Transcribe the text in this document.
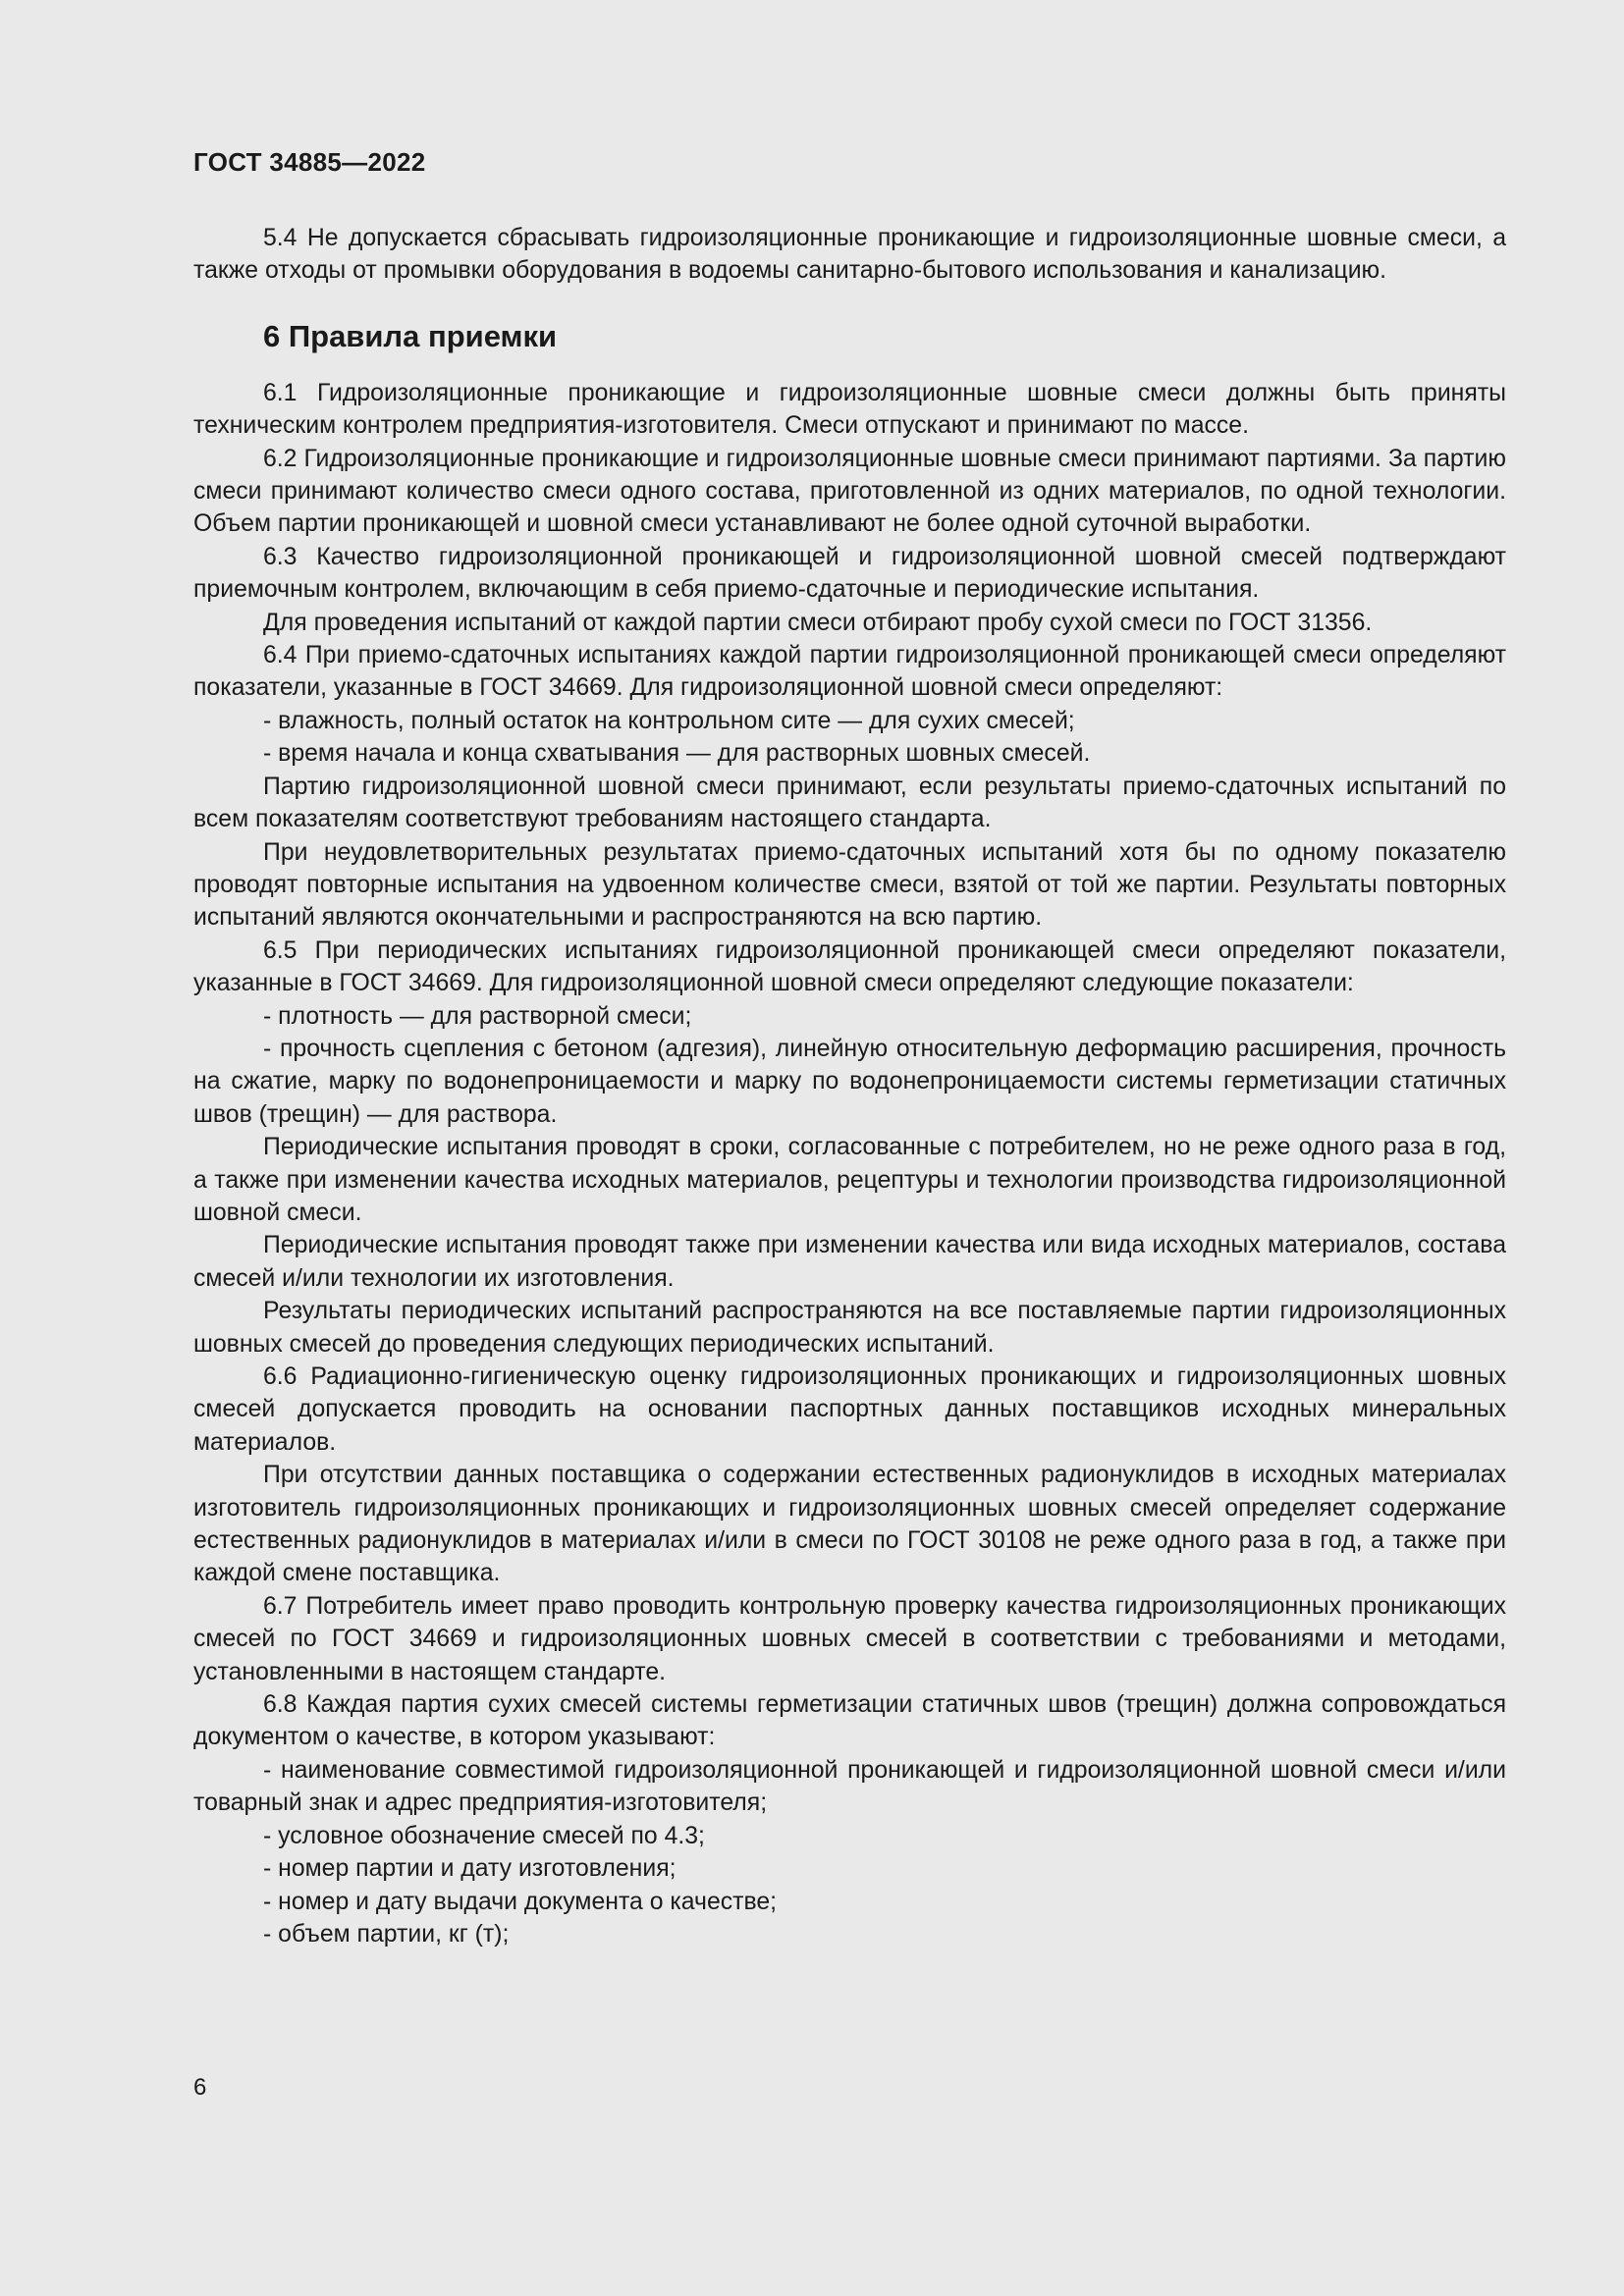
ГОСТ 34885—2022

5.4 Не допускается сбрасывать гидроизоляционные проникающие и гидроизоляционные шовные смеси, а также отходы от промывки оборудования в водоемы санитарно-бытового использования и канализацию.

6 Правила приемки

6.1 Гидроизоляционные проникающие и гидроизоляционные шовные смеси должны быть приняты техническим контролем предприятия-изготовителя. Смеси отпускают и принимают по массе.

6.2 Гидроизоляционные проникающие и гидроизоляционные шовные смеси принимают партиями. За партию смеси принимают количество смеси одного состава, приготовленной из одних материалов, по одной технологии. Объем партии проникающей и шовной смеси устанавливают не более одной суточной выработки.

6.3 Качество гидроизоляционной проникающей и гидроизоляционной шовной смесей подтверждают приемочным контролем, включающим в себя приемо-сдаточные и периодические испытания.

Для проведения испытаний от каждой партии смеси отбирают пробу сухой смеси по ГОСТ 31356.

6.4 При приемо-сдаточных испытаниях каждой партии гидроизоляционной проникающей смеси определяют показатели, указанные в ГОСТ 34669. Для гидроизоляционной шовной смеси определяют:

- влажность, полный остаток на контрольном сите — для сухих смесей;

- время начала и конца схватывания — для растворных шовных смесей.

Партию гидроизоляционной шовной смеси принимают, если результаты приемо-сдаточных испытаний по всем показателям соответствуют требованиям настоящего стандарта.

При неудовлетворительных результатах приемо-сдаточных испытаний хотя бы по одному показателю проводят повторные испытания на удвоенном количестве смеси, взятой от той же партии. Результаты повторных испытаний являются окончательными и распространяются на всю партию.

6.5 При периодических испытаниях гидроизоляционной проникающей смеси определяют показатели, указанные в ГОСТ 34669. Для гидроизоляционной шовной смеси определяют следующие показатели:

- плотность — для растворной смеси;

- прочность сцепления с бетоном (адгезия), линейную относительную деформацию расширения, прочность на сжатие, марку по водонепроницаемости и марку по водонепроницаемости системы герметизации статичных швов (трещин) — для раствора.

Периодические испытания проводят в сроки, согласованные с потребителем, но не реже одного раза в год, а также при изменении качества исходных материалов, рецептуры и технологии производства гидроизоляционной шовной смеси.

Периодические испытания проводят также при изменении качества или вида исходных материалов, состава смесей и/или технологии их изготовления.

Результаты периодических испытаний распространяются на все поставляемые партии гидроизоляционных шовных смесей до проведения следующих периодических испытаний.

6.6 Радиационно-гигиеническую оценку гидроизоляционных проникающих и гидроизоляционных шовных смесей допускается проводить на основании паспортных данных поставщиков исходных минеральных материалов.

При отсутствии данных поставщика о содержании естественных радионуклидов в исходных материалах изготовитель гидроизоляционных проникающих и гидроизоляционных шовных смесей определяет содержание естественных радионуклидов в материалах и/или в смеси по ГОСТ 30108 не реже одного раза в год, а также при каждой смене поставщика.

6.7 Потребитель имеет право проводить контрольную проверку качества гидроизоляционных проникающих смесей по ГОСТ 34669 и гидроизоляционных шовных смесей в соответствии с требованиями и методами, установленными в настоящем стандарте.

6.8 Каждая партия сухих смесей системы герметизации статичных швов (трещин) должна сопровождаться документом о качестве, в котором указывают:

- наименование совместимой гидроизоляционной проникающей и гидроизоляционной шовной смеси и/или товарный знак и адрес предприятия-изготовителя;

- условное обозначение смесей по 4.3;

- номер партии и дату изготовления;

- номер и дату выдачи документа о качестве;

- объем партии, кг (т);

6
